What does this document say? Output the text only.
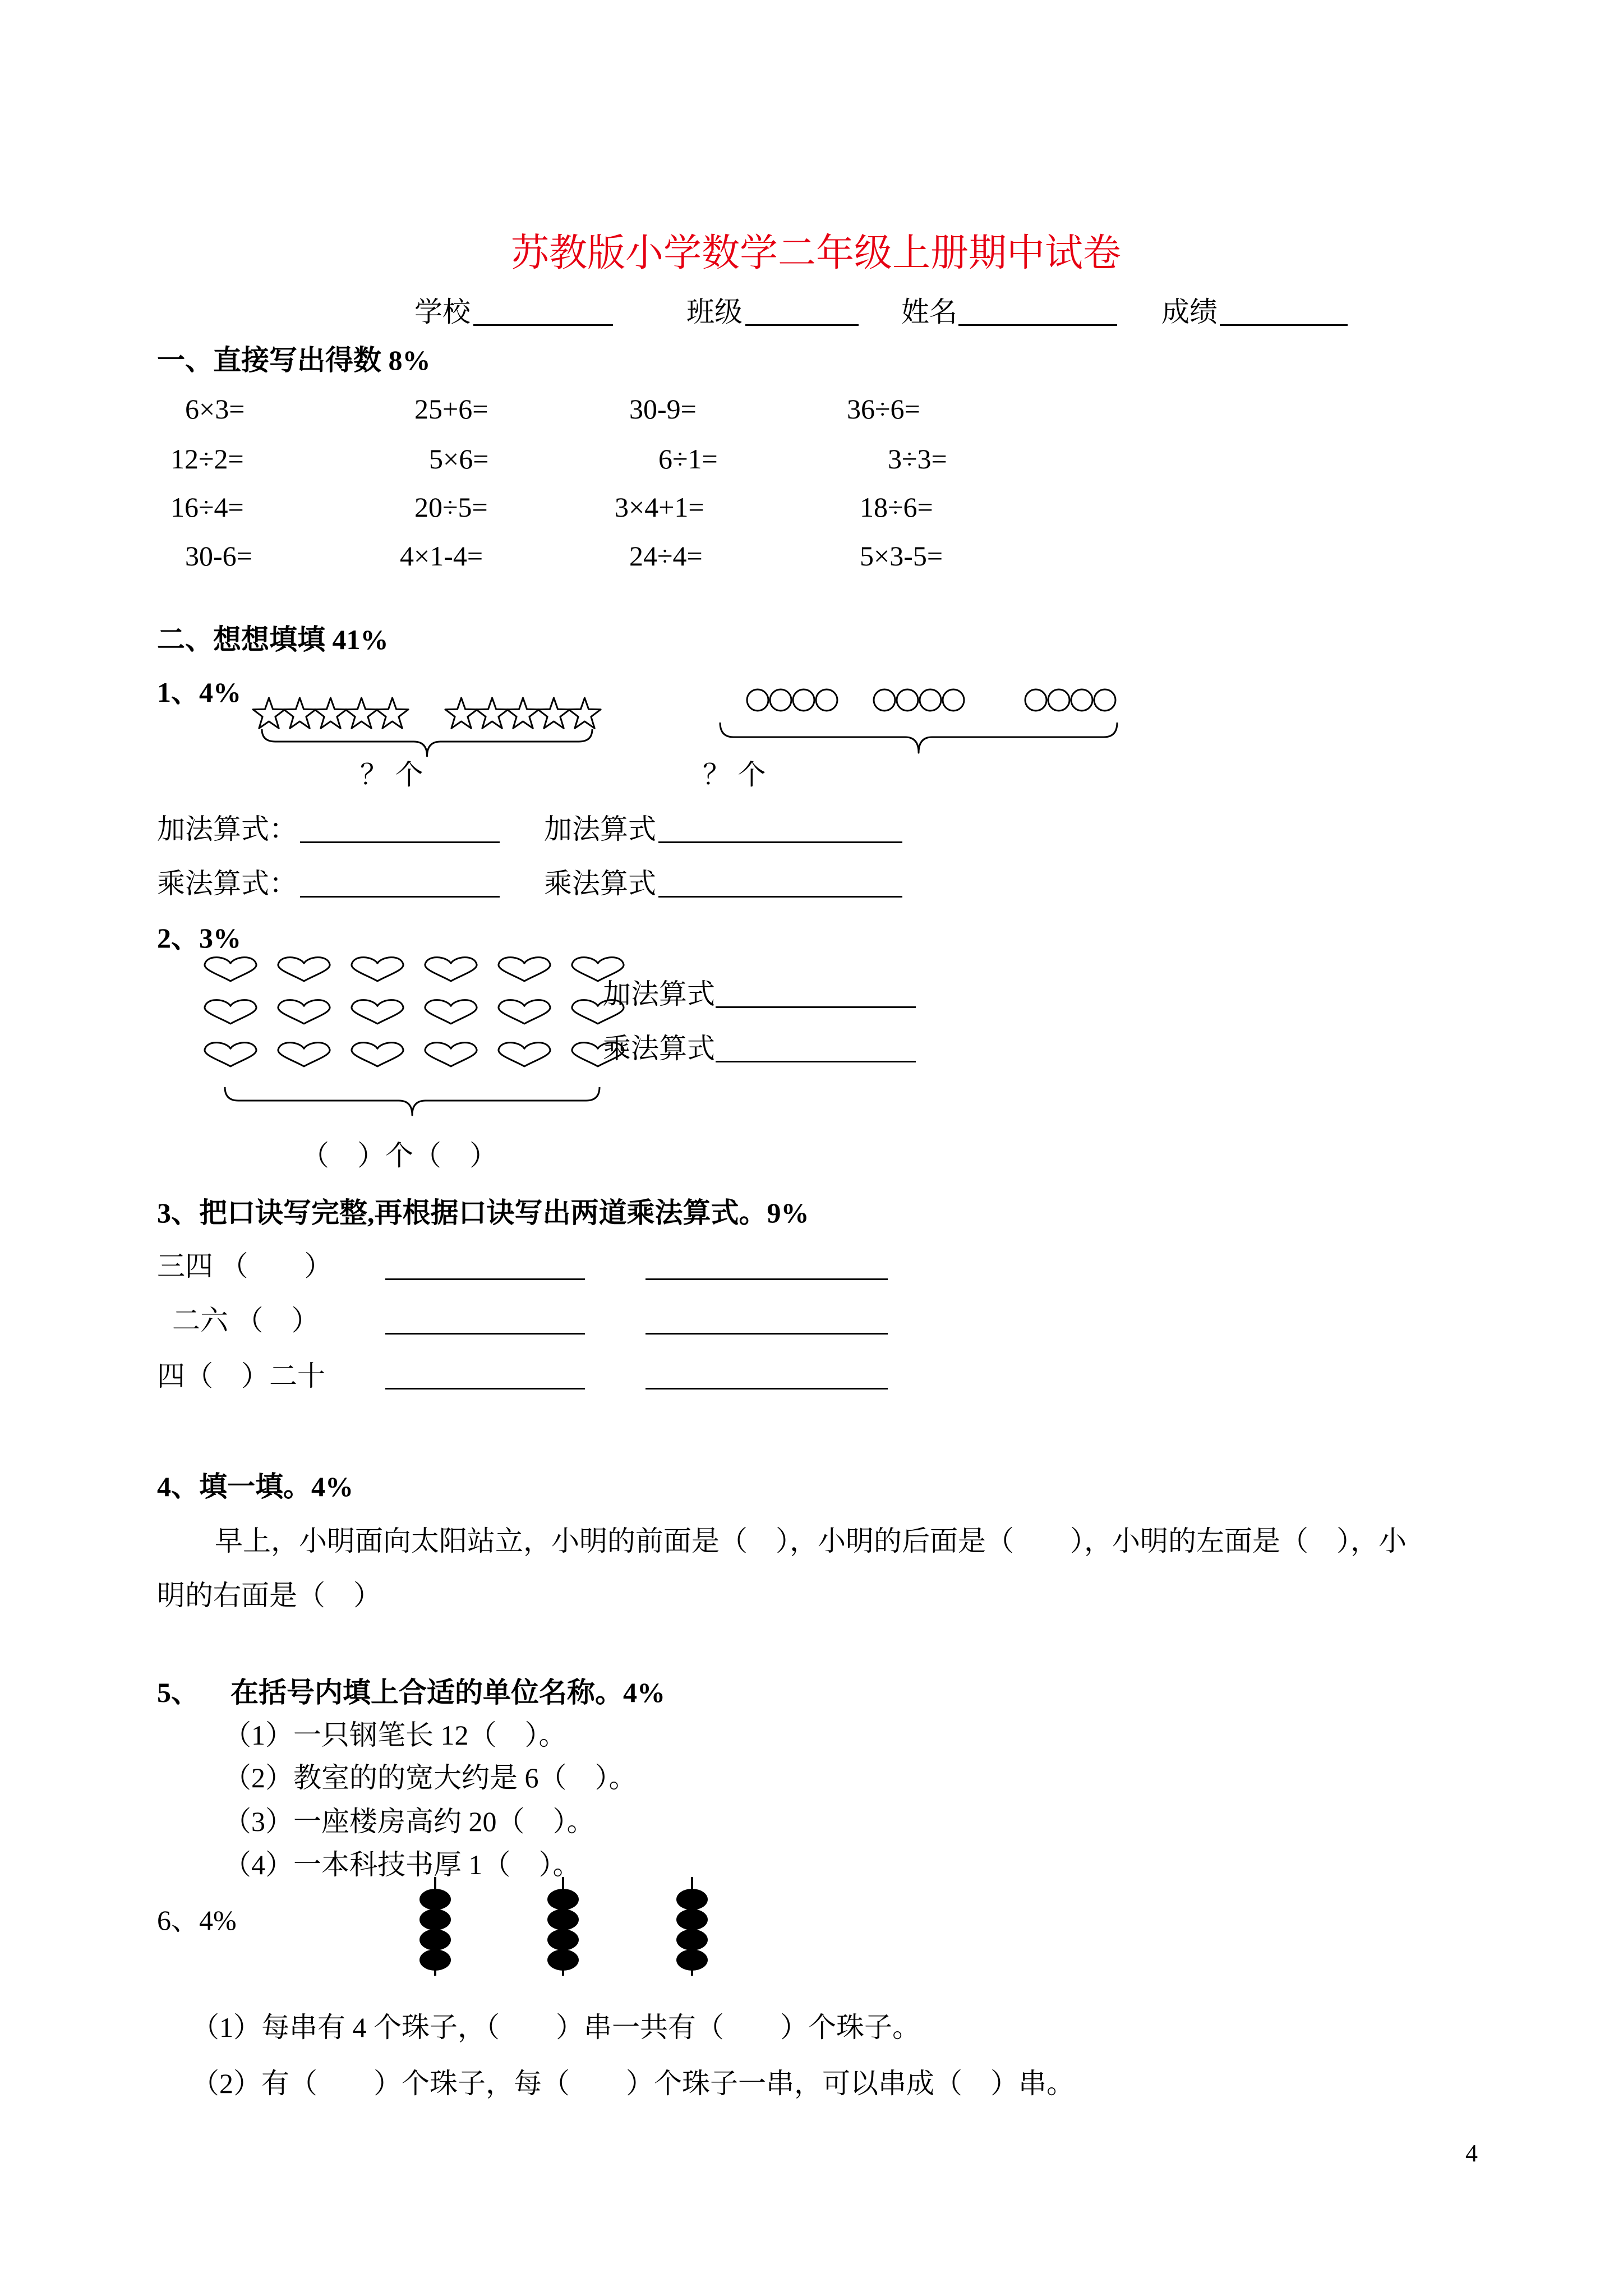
苏教版小学数学二年级上册期中试卷
学校	班级	姓名	成绩
一、直接写出得数 8%
6×3=	25+6=	30-9=	36÷6=
12÷2=	5×6=	6÷1=	3÷3=
16÷4=	20÷5=	3×4+1=	18÷6=
30-6=	4×1-4=	24÷4=	5×3-5=
二、想想填填 41%
1、4%
？ 个	？ 个
加法算式：	加法算式
乘法算式：	乘法算式
2、3%
加法算式
乘法算式
（　）个（　）
3、把口诀写完整,再根据口诀写出两道乘法算式。9%
三四 （　　）
二六 （　）
四（　）二十
4、填一填。4%
早上，小明面向太阳站立，小明的前面是（　），小明的后面是（　　），小明的左面是（　），小
明的右面是（　）
5、 在括号内填上合适的单位名称。4%
（1）一只钢笔长 12（　）。
（2）教室的的宽大约是 6（　）。
（3）一座楼房高约 20（　）。
（4）一本科技书厚 1（　）。
6、4%
（1）每串有 4 个珠子，（　　）串一共有（　　）个珠子。
（2）有（　　）个珠子，每（　　）个珠子一串，可以串成（　）串。
4
